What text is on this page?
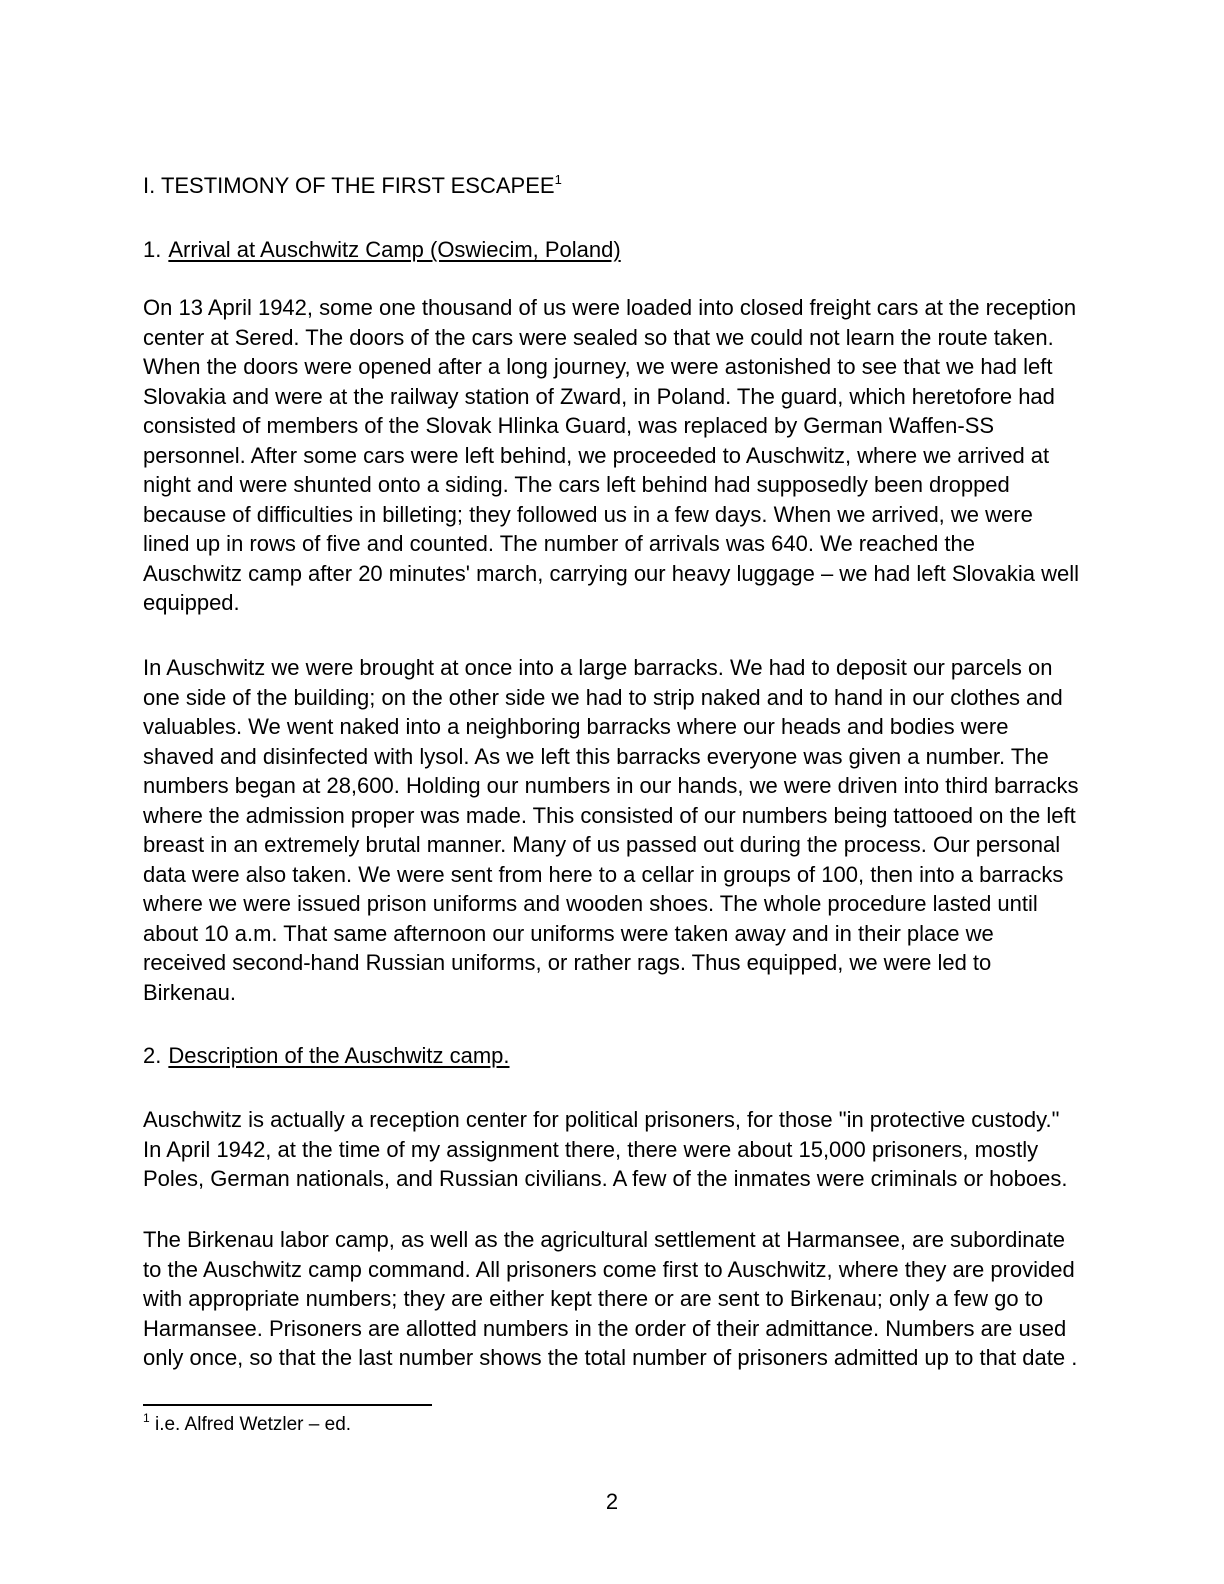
I. TESTIMONY OF THE FIRST ESCAPEE$^1$
1. Arrival at Auschwitz Camp (Oswiecim, Poland)
On 13 April 1942, some one thousand of us were loaded into closed freight cars at the reception
center at Sered. The doors of the cars were sealed so that we could not learn the route taken.
When the doors were opened after a long journey, we were astonished to see that we had left
Slovakia and were at the railway station of Zward, in Poland. The guard, which heretofore had
consisted of members of the Slovak Hlinka Guard, was replaced by German Waffen-SS
personnel. After some cars were left behind, we proceeded to Auschwitz, where we arrived at
night and were shunted onto a siding. The cars left behind had supposedly been dropped
because of difficulties in billeting; they followed us in a few days. When we arrived, we were
lined up in rows of five and counted. The number of arrivals was 640. We reached the
Auschwitz camp after 20 minutes' march, carrying our heavy luggage – we had left Slovakia well
equipped.
In Auschwitz we were brought at once into a large barracks. We had to deposit our parcels on
one side of the building; on the other side we had to strip naked and to hand in our clothes and
valuables. We went naked into a neighboring barracks where our heads and bodies were
shaved and disinfected with lysol. As we left this barracks everyone was given a number. The
numbers began at 28,600. Holding our numbers in our hands, we were driven into third barracks
where the admission proper was made. This consisted of our numbers being tattooed on the left
breast in an extremely brutal manner. Many of us passed out during the process. Our personal
data were also taken. We were sent from here to a cellar in groups of 100, then into a barracks
where we were issued prison uniforms and wooden shoes. The whole procedure lasted until
about 10 a.m. That same afternoon our uniforms were taken away and in their place we
received second-hand Russian uniforms, or rather rags. Thus equipped, we were led to
Birkenau.
2. Description of the Auschwitz camp.
Auschwitz is actually a reception center for political prisoners, for those "in protective custody."
In April 1942, at the time of my assignment there, there were about 15,000 prisoners, mostly
Poles, German nationals, and Russian civilians. A few of the inmates were criminals or hoboes.
The Birkenau labor camp, as well as the agricultural settlement at Harmansee, are subordinate
to the Auschwitz camp command. All prisoners come first to Auschwitz, where they are provided
with appropriate numbers; they are either kept there or are sent to Birkenau; only a few go to
Harmansee. Prisoners are allotted numbers in the order of their admittance. Numbers are used
only once, so that the last number shows the total number of prisoners admitted up to that date .
$^1$ i.e. Alfred Wetzler – ed.
2
